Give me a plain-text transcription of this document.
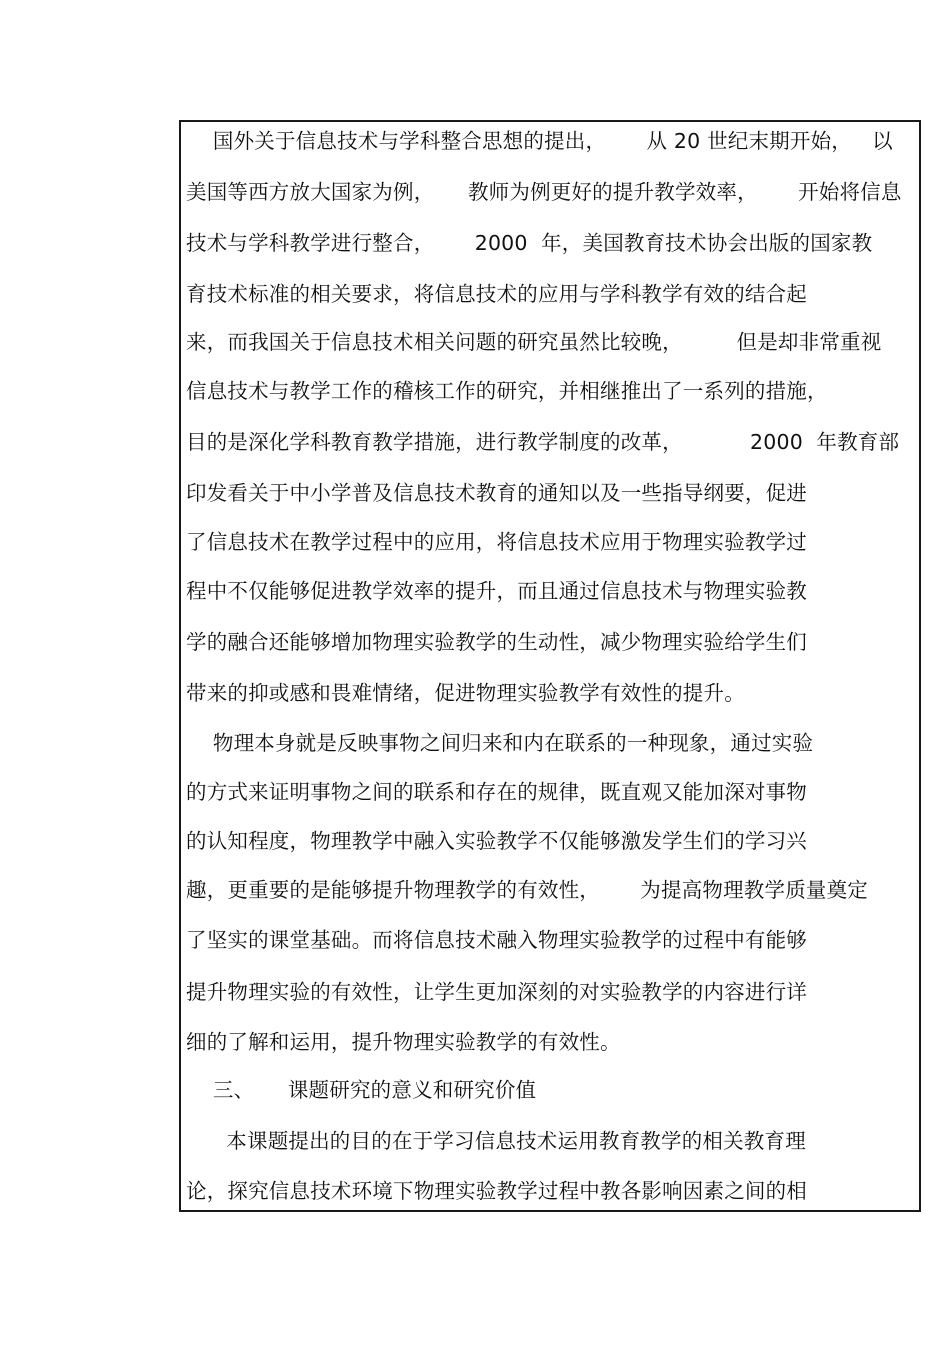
国外关于信息技术与学科整合思想的提出，      从 20 世纪末期开始，   以
美国等西方放大国家为例，     教师为例更好的提升教学效率，      开始将信息
技术与学科教学进行整合，      2000  年，美国教育技术协会出版的国家教
育技术标准的相关要求，将信息技术的应用与学科教学有效的结合起
来，而我国关于信息技术相关问题的研究虽然比较晚，        但是却非常重视
信息技术与教学工作的稽核工作的研究，并相继推出了一系列的措施，
目的是深化学科教育教学措施，进行教学制度的改革，          2000  年教育部
印发看关于中小学普及信息技术教育的通知以及一些指导纲要，促进
了信息技术在教学过程中的应用，将信息技术应用于物理实验教学过
程中不仅能够促进教学效率的提升，而且通过信息技术与物理实验教
学的融合还能够增加物理实验教学的生动性，减少物理实验给学生们
带来的抑或感和畏难情绪，促进物理实验教学有效性的提升。
物理本身就是反映事物之间归来和内在联系的一种现象，通过实验
的方式来证明事物之间的联系和存在的规律，既直观又能加深对事物
的认知程度，物理教学中融入实验教学不仅能够激发学生们的学习兴
趣，更重要的是能够提升物理教学的有效性，      为提高物理教学质量奠定
了坚实的课堂基础。而将信息技术融入物理实验教学的过程中有能够
提升物理实验的有效性，让学生更加深刻的对实验教学的内容进行详
细的了解和运用，提升物理实验教学的有效性。
三、     课题研究的意义和研究价值
本课题提出的目的在于学习信息技术运用教育教学的相关教育理
论，探究信息技术环境下物理实验教学过程中教各影响因素之间的相
